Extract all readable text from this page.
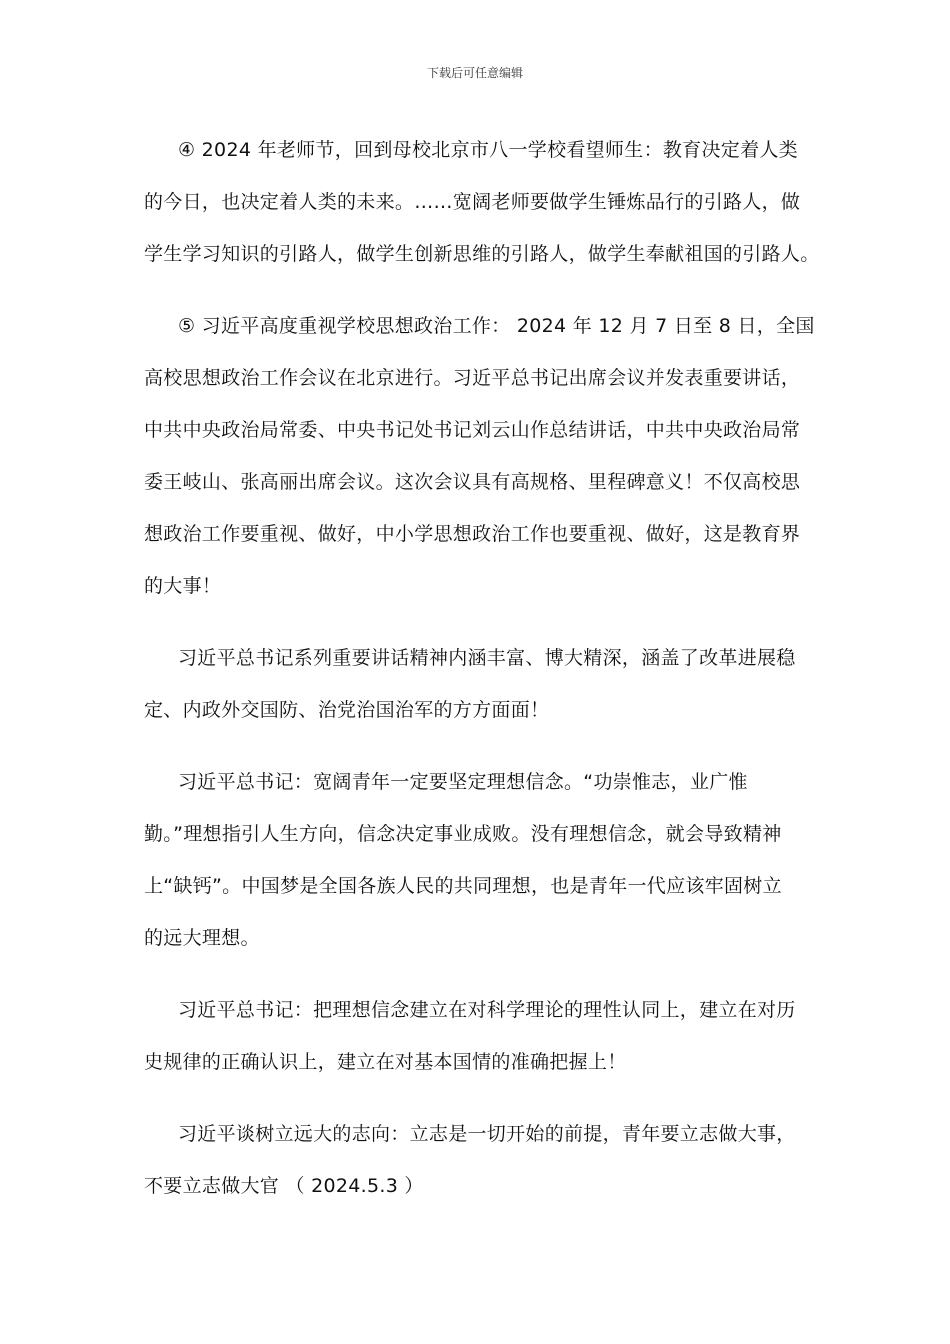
下载后可任意编辑

④ 2024 年老师节，回到母校北京市八一学校看望师生：教育决定着人类
的今日，也决定着人类的未来。……宽阔老师要做学生锤炼品行的引路人，做
学生学习知识的引路人，做学生创新思维的引路人，做学生奉献祖国的引路人。

⑤ 习近平高度重视学校思想政治工作： 2024 年 12 月 7 日至 8 日，全国
高校思想政治工作会议在北京进行。习近平总书记出席会议并发表重要讲话，
中共中央政治局常委、中央书记处书记刘云山作总结讲话，中共中央政治局常
委王岐山、张高丽出席会议。这次会议具有高规格、里程碑意义！不仅高校思
想政治工作要重视、做好，中小学思想政治工作也要重视、做好，这是教育界
的大事！

习近平总书记系列重要讲话精神内涵丰富、博大精深，涵盖了改革进展稳
定、内政外交国防、治党治国治军的方方面面！

习近平总书记：宽阔青年一定要坚定理想信念。“功崇惟志，业广惟
勤。”理想指引人生方向，信念决定事业成败。没有理想信念，就会导致精神
上“缺钙”。中国梦是全国各族人民的共同理想，也是青年一代应该牢固树立
的远大理想。

习近平总书记：把理想信念建立在对科学理论的理性认同上，建立在对历
史规律的正确认识上，建立在对基本国情的准确把握上！

习近平谈树立远大的志向：立志是一切开始的前提，青年要立志做大事，
不要立志做大官 （ 2024.5.3 ）
